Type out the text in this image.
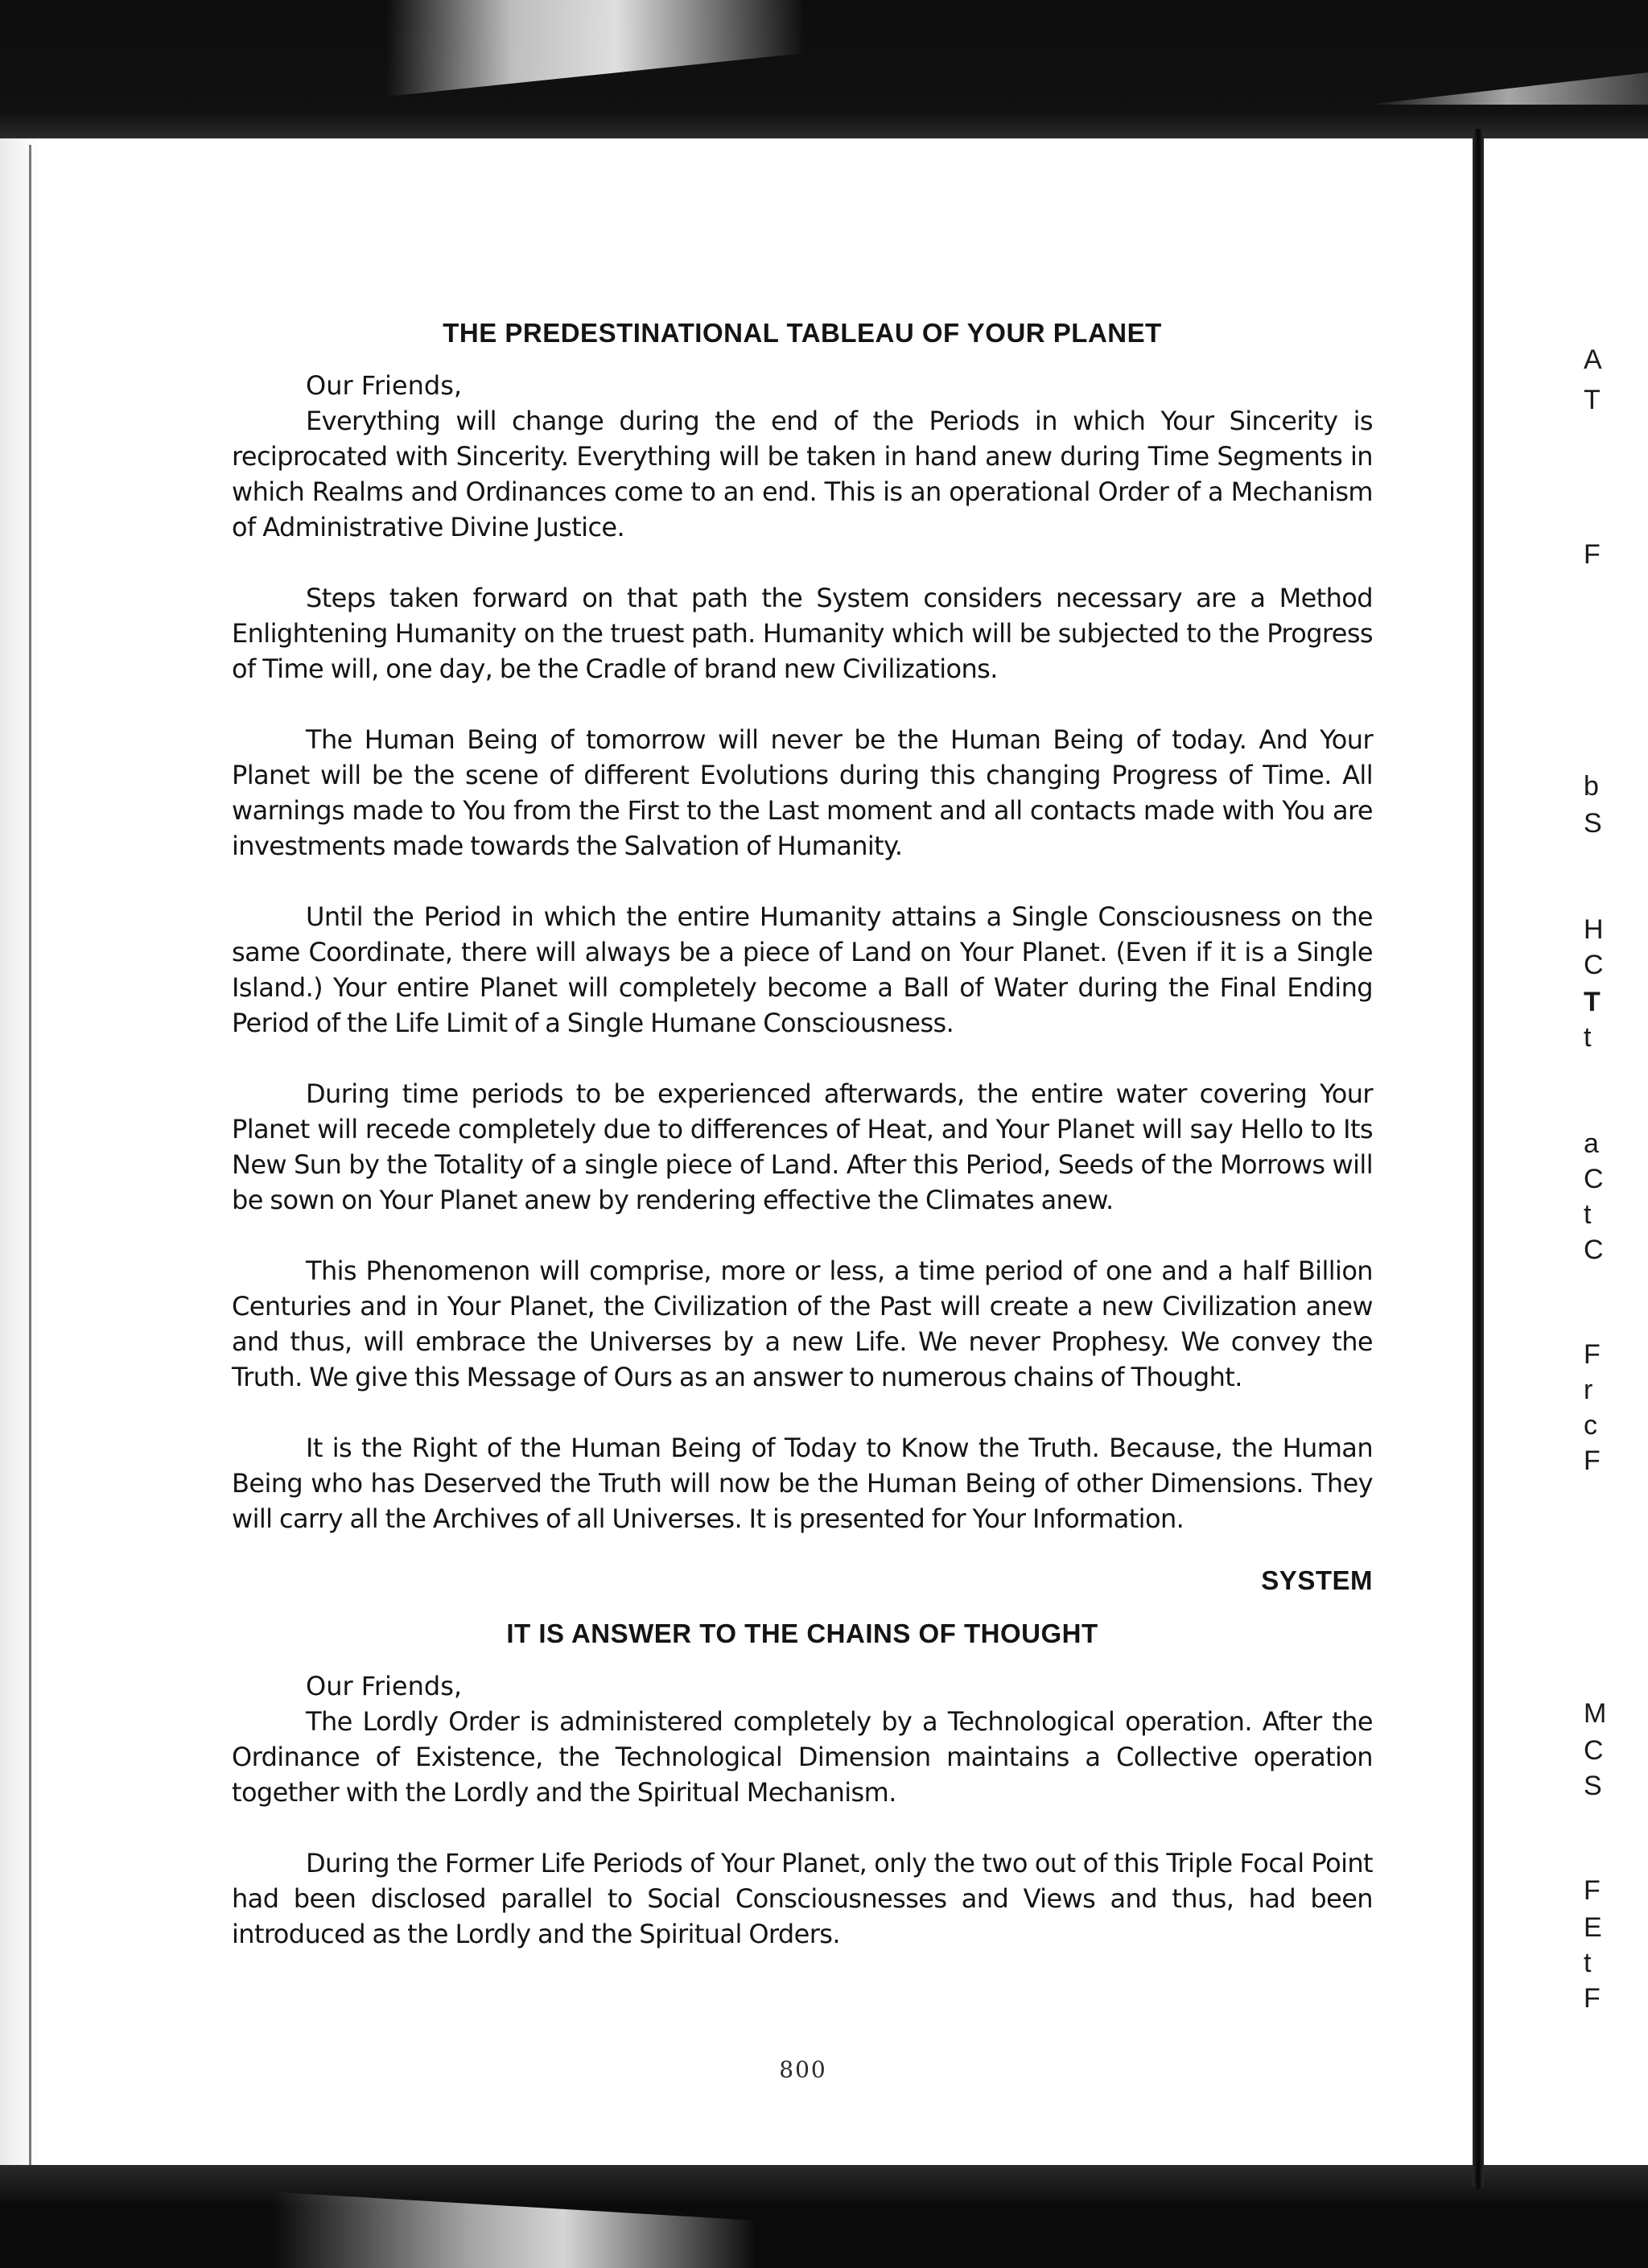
A
T
F
b
S
H
C
T
t
a
C
t
C
F
r
c
F
M
C
S
F
E
t
F
THE PREDESTINATIONAL TABLEAU OF YOUR PLANET

Our Friends,

Everything will change during the end of the Periods in which Your Sincerity is reciprocated with Sincerity. Everything will be taken in hand anew during Time Segments in which Realms and Ordinances come to an end. This is an operational Order of a Mechanism of Administrative Divine Justice.

Steps taken forward on that path the System considers necessary are a Method Enlightening Humanity on the truest path. Humanity which will be subjected to the Progress of Time will, one day, be the Cradle of brand new Civilizations.

The Human Being of tomorrow will never be the Human Being of today. And Your Planet will be the scene of different Evolutions during this changing Progress of Time. All warnings made to You from the First to the Last moment and all contacts made with You are investments made towards the Salvation of Humanity.

Until the Period in which the entire Humanity attains a Single Consciousness on the same Coordinate, there will always be a piece of Land on Your Planet. (Even if it is a Single Island.) Your entire Planet will completely become a Ball of Water during the Final Ending Period of the Life Limit of a Single Humane Consciousness.

During time periods to be experienced afterwards, the entire water covering Your Planet will recede completely due to differences of Heat, and Your Planet will say Hello to Its New Sun by the Totality of a single piece of Land. After this Period, Seeds of the Morrows will be sown on Your Planet anew by rendering effective the Climates anew.

This Phenomenon will comprise, more or less, a time period of one and a half Billion Centuries and in Your Planet, the Civilization of the Past will create a new Civilization anew and thus, will embrace the Universes by a new Life. We never Prophesy. We convey the Truth. We give this Message of Ours as an answer to numerous chains of Thought.

It is the Right of the Human Being of Today to Know the Truth. Because, the Human Being who has Deserved the Truth will now be the Human Being of other Dimensions. They will carry all the Archives of all Universes. It is presented for Your Information.

SYSTEM
IT IS ANSWER TO THE CHAINS OF THOUGHT

Our Friends,

The Lordly Order is administered completely by a Technological operation. After the Ordinance of Existence, the Technological Dimension maintains a Collective operation together with the Lordly and the Spiritual Mechanism.

During the Former Life Periods of Your Planet, only the two out of this Triple Focal Point had been disclosed parallel to Social Consciousnesses and Views and thus, had been introduced as the Lordly and the Spiritual Orders.

800
